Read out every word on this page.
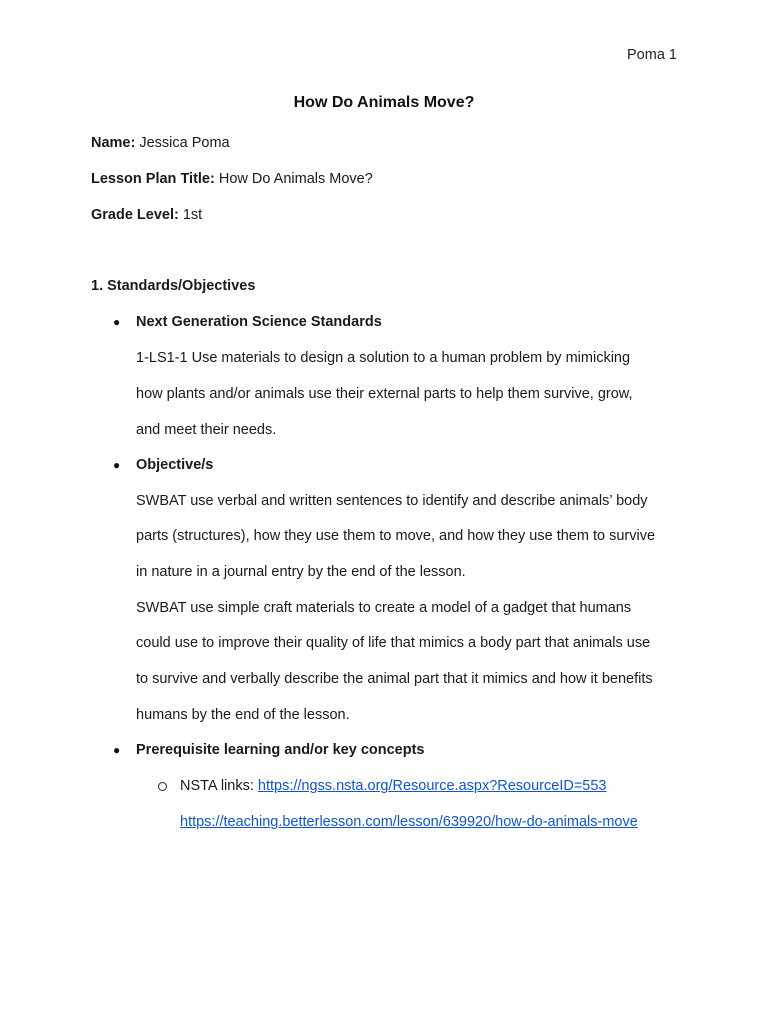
Poma 1
How Do Animals Move?
Name: Jessica Poma
Lesson Plan Title: How Do Animals Move?
Grade Level: 1st
1. Standards/Objectives
● Next Generation Science Standards
1-LS1-1 Use materials to design a solution to a human problem by mimicking
how plants and/or animals use their external parts to help them survive, grow,
and meet their needs.
● Objective/s
SWBAT use verbal and written sentences to identify and describe animals’ body
parts (structures), how they use them to move, and how they use them to survive
in nature in a journal entry by the end of the lesson.
SWBAT use simple craft materials to create a model of a gadget that humans
could use to improve their quality of life that mimics a body part that animals use
to survive and verbally describe the animal part that it mimics and how it benefits
humans by the end of the lesson.
● Prerequisite learning and/or key concepts
NSTA links: https://ngss.nsta.org/Resource.aspx?ResourceID=553
https://teaching.betterlesson.com/lesson/639920/how-do-animals-move
